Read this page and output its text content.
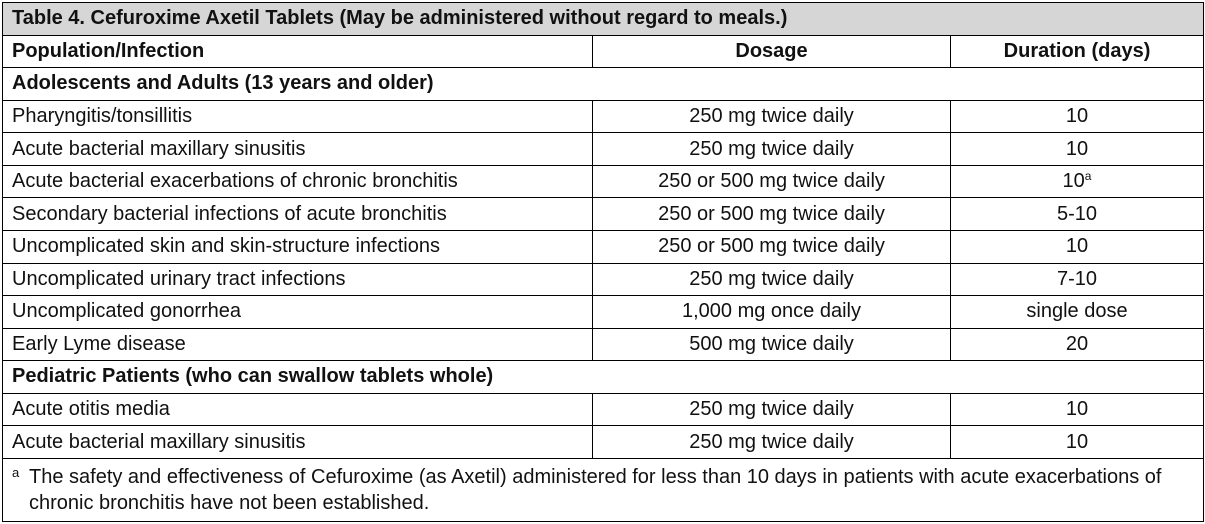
Table 4. Cefuroxime Axetil Tablets (May be administered without regard to meals.)		
Population/Infection	Dosage	Duration (days)
Adolescents and Adults (13 years and older)		
Pharyngitis/tonsillitis	250 mg twice daily	10
Acute bacterial maxillary sinusitis	250 mg twice daily	10
Acute bacterial exacerbations of chronic bronchitis	250 or 500 mg twice daily	10$^a$
Secondary bacterial infections of acute bronchitis	250 or 500 mg twice daily	5-10
Uncomplicated skin and skin-structure infections	250 or 500 mg twice daily	10
Uncomplicated urinary tract infections	250 mg twice daily	7-10
Uncomplicated gonorrhea	1,000 mg once daily	single dose
Early Lyme disease	500 mg twice daily	20
Pediatric Patients (who can swallow tablets whole)		
Acute otitis media	250 mg twice daily	10
Acute bacterial maxillary sinusitis	250 mg twice daily	10

a The safety and effectiveness of Cefuroxime (as Axetil) administered for less than 10 days in patients with acute exacerbations of chronic bronchitis have not been established.		
